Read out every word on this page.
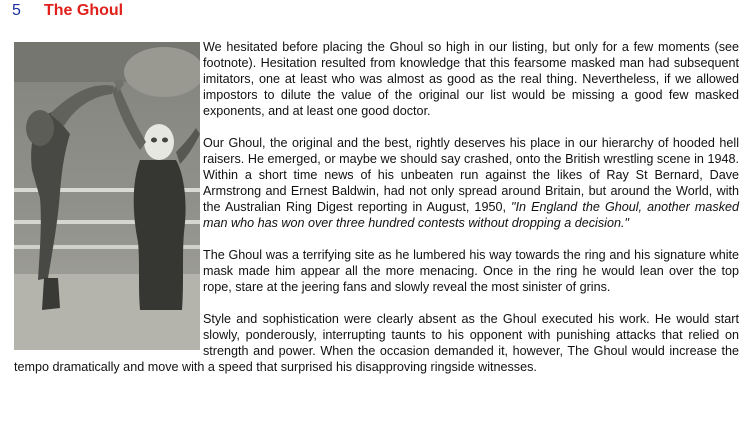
5 The Ghoul

We hesitated before placing the Ghoul so high in our listing, but only for a few moments (see footnote). Hesitation resulted from knowledge that this fearsome masked man had subsequent imitators, one at least who was almost as good as the real thing. Nevertheless, if we allowed impostors to dilute the value of the original our list would be missing a good few masked exponents, and at least one good doctor.

Our Ghoul, the original and the best, rightly deserves his place in our hierarchy of hooded hell raisers. He emerged, or maybe we should say crashed, onto the British wrestling scene in 1948. Within a short time news of his unbeaten run against the likes of Ray St Bernard, Dave Armstrong and Ernest Baldwin, had not only spread around Britain, but around the World, with the Australian Ring Digest reporting in August, 1950, "In England the Ghoul, another masked man who has won over three hundred contests without dropping a decision."

The Ghoul was a terrifying site as he lumbered his way towards the ring and his signature white mask made him appear all the more menacing. Once in the ring he would lean over the top rope, stare at the jeering fans and slowly reveal the most sinister of grins.

Style and sophistication were clearly absent as the Ghoul executed his work. He would start slowly, ponderously, interrupting taunts to his opponent with punishing attacks that relied on strength and power. When the occasion demanded it, however, The Ghoul would increase the tempo dramatically and move with a speed that surprised his disapproving ringside witnesses.
